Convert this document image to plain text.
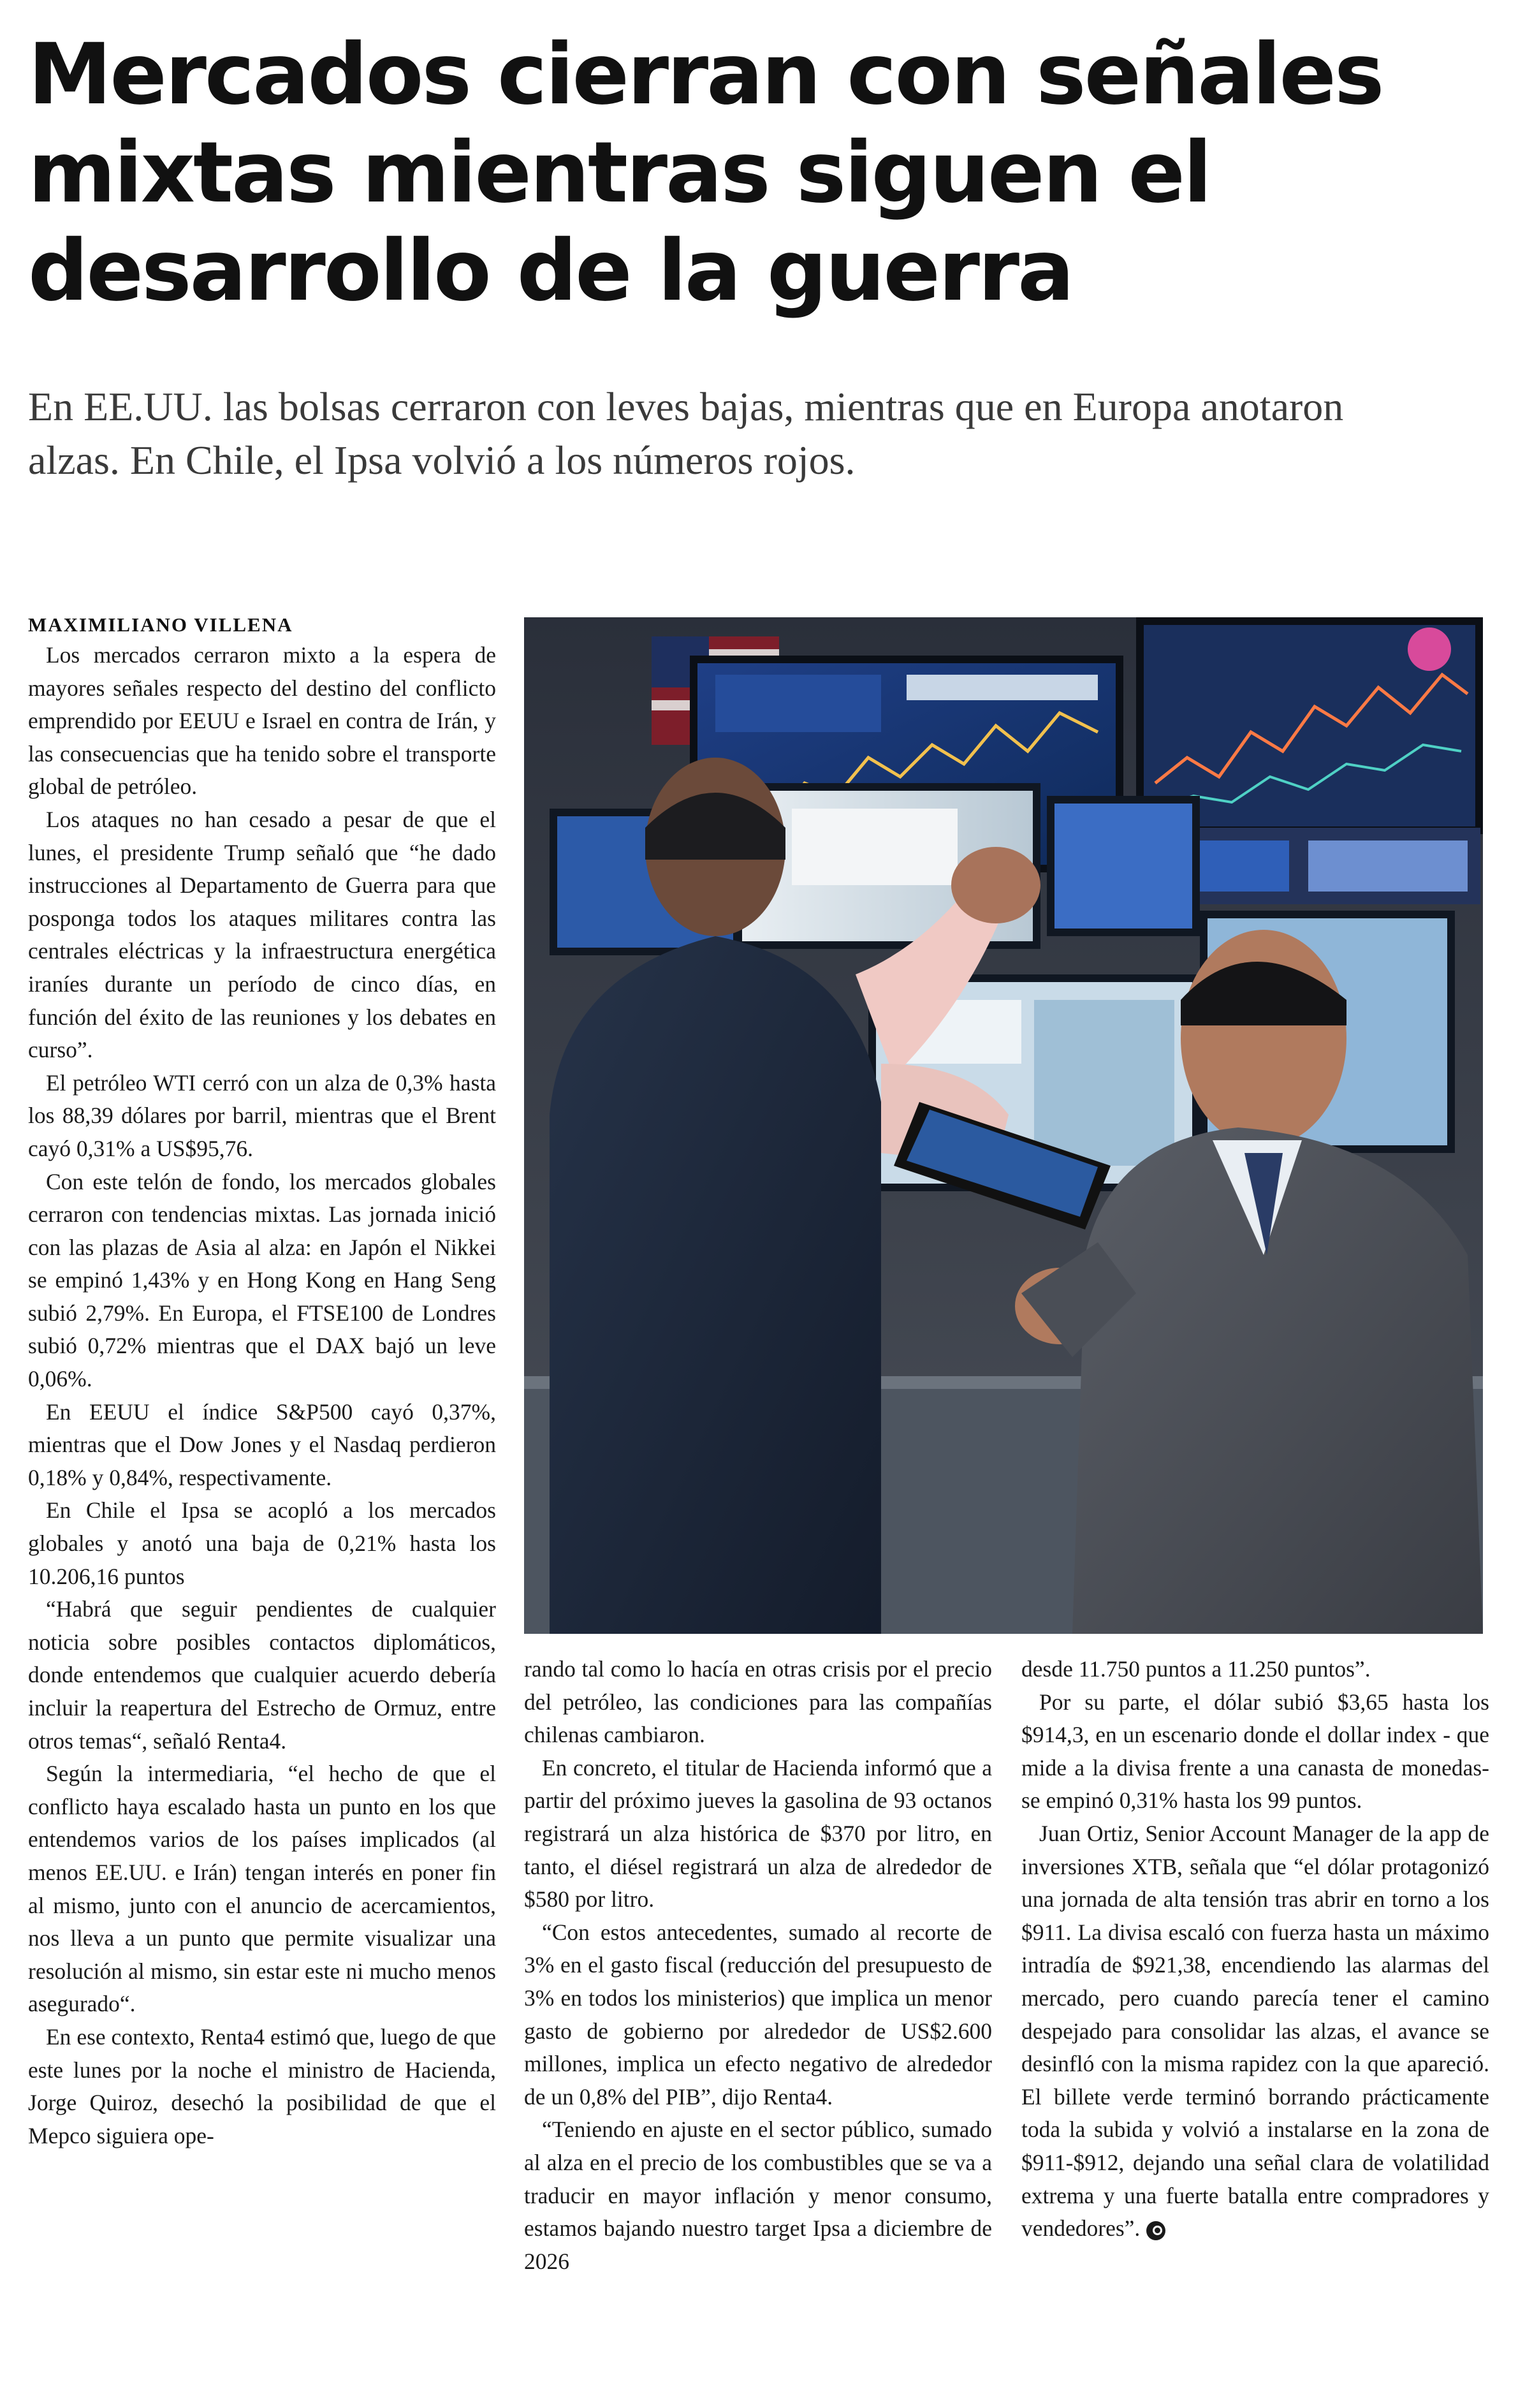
Mercados cierran con señales
mixtas mientras siguen el
desarrollo de la guerra

En EE.UU. las bolsas cerraron con leves bajas, mientras que en Europa anotaron
alzas. En Chile, el Ipsa volvió a los números rojos.

MAXIMILIANO VILLENA

Los mercados cerraron mixto a la espera de mayores señales respecto del destino del conflicto emprendido por EEUU e Israel en contra de Irán, y las consecuencias que ha tenido sobre el transporte global de petróleo.

Los ataques no han cesado a pesar de que el lunes, el presidente Trump señaló que “he dado instrucciones al Departamento de Guerra para que posponga todos los ataques militares contra las centrales eléctricas y la infraestructura energética iraníes durante un período de cinco días, en función del éxito de las reuniones y los debates en curso”.

El petróleo WTI cerró con un alza de 0,3% hasta los 88,39 dólares por barril, mientras que el Brent cayó 0,31% a US$95,76.

Con este telón de fondo, los mercados globales cerraron con tendencias mixtas. Las jornada inició con las plazas de Asia al alza: en Japón el Nikkei se empinó 1,43% y en Hong Kong en Hang Seng subió 2,79%. En Europa, el FTSE100 de Londres subió 0,72% mientras que el DAX bajó un leve 0,06%.

En EEUU el índice S&P500 cayó 0,37%, mientras que el Dow Jones y el Nasdaq perdieron 0,18% y 0,84%, respectivamente.

En Chile el Ipsa se acopló a los mercados globales y anotó una baja de 0,21% hasta los 10.206,16 puntos

“Habrá que seguir pendientes de cualquier noticia sobre posibles contactos diplomáticos, donde entendemos que cualquier acuerdo debería incluir la reapertura del Estrecho de Ormuz, entre otros temas“, señaló Renta4.

Según la intermediaria, “el hecho de que el conflicto haya escalado hasta un punto en los que entendemos varios de los países implicados (al menos EE.UU. e Irán) tengan interés en poner fin al mismo, junto con el anuncio de acercamientos, nos lleva a un punto que permite visualizar una resolución al mismo, sin estar este ni mucho menos asegurado“.

En ese contexto, Renta4 estimó que, luego de que este lunes por la noche el ministro de Hacienda, Jorge Quiroz, desechó la posibilidad de que el Mepco siguiera ope-

rando tal como lo hacía en otras crisis por el precio del petróleo, las condiciones para las compañías chilenas cambiaron.

En concreto, el titular de Hacienda informó que a partir del próximo jueves la gasolina de 93 octanos registrará un alza histórica de $370 por litro, en tanto, el diésel registrará un alza de alrededor de $580 por litro.

“Con estos antecedentes, sumado al recorte de 3% en el gasto fiscal (reducción del presupuesto de 3% en todos los ministerios) que implica un menor gasto de gobierno por alrededor de US$2.600 millones, implica un efecto negativo de alrededor de un 0,8% del PIB”, dijo Renta4.

“Teniendo en ajuste en el sector público, sumado al alza en el precio de los combustibles que se va a traducir en mayor inflación y menor consumo, estamos bajando nuestro target Ipsa a diciembre de 2026

desde 11.750 puntos a 11.250 puntos”.

Por su parte, el dólar subió $3,65 hasta los $914,3, en un escenario donde el dollar index - que mide a la divisa frente a una canasta de monedas- se empinó 0,31% hasta los 99 puntos.

Juan Ortiz, Senior Account Manager de la app de inversiones XTB, señala que “el dólar protagonizó una jornada de alta tensión tras abrir en torno a los $911. La divisa escaló con fuerza hasta un máximo intradía de $921,38, encendiendo las alarmas del mercado, pero cuando parecía tener el camino despejado para consolidar las alzas, el avance se desinfló con la misma rapidez con la que apareció. El billete verde terminó borrando prácticamente toda la subida y volvió a instalarse en la zona de $911-$912, dejando una señal clara de volatilidad extrema y una fuerte batalla entre compradores y vendedores”.
